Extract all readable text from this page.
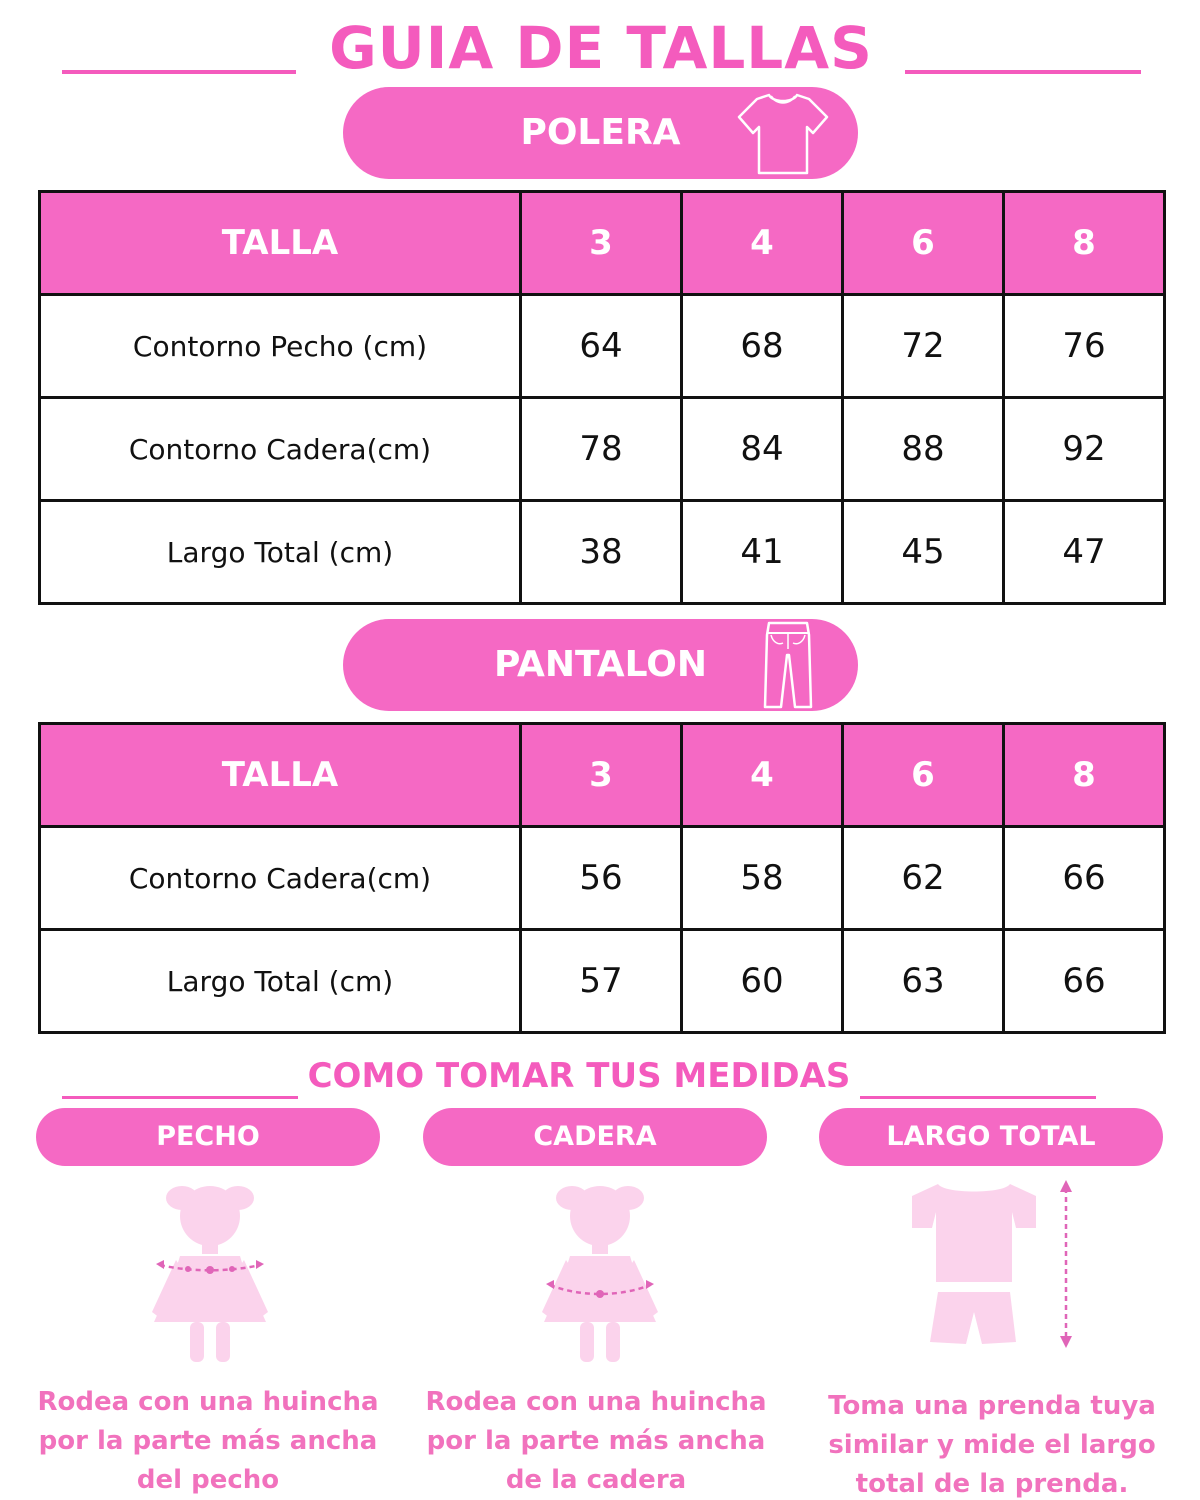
GUIA DE TALLAS
POLERA
TALLA	3	4	6	8
Contorno Pecho (cm)	64	68	72	76
Contorno Cadera(cm)	78	84	88	92
Largo Total (cm)	38	41	45	47
PANTALON
TALLA	3	4	6	8
Contorno Cadera(cm)	56	58	62	66
Largo Total (cm)	57	60	63	66
COMO TOMAR TUS MEDIDAS
PECHO	CADERA	LARGO TOTAL
Rodea con una huincha
por la parte más ancha
del pecho
Rodea con una huincha
por la parte más ancha
de la cadera
Toma una prenda tuya
similar y mide el largo
total de la prenda.
